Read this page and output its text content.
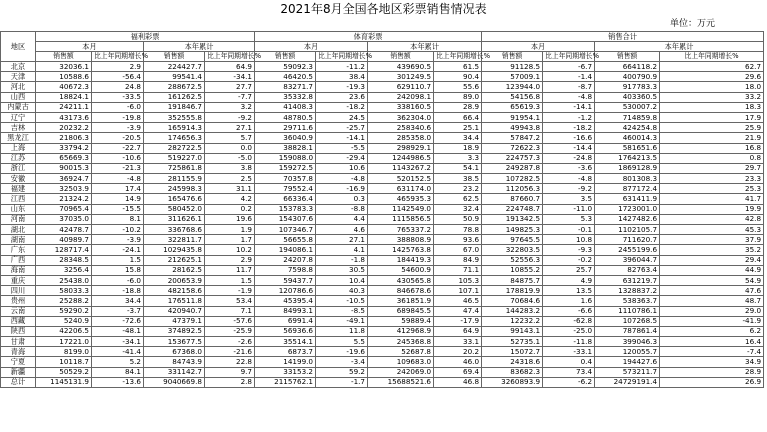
2021年8月全国各地区彩票销售情况表
单位：万元
地区	福利彩票				体育彩票				销售合计			
	本月		本年累计		本月		本年累计		本月		本年累计	
	销售额	比上年同期增长%	销售额	比上年同期增长%	销售额	比上年同期增长%	销售额	比上年同期增长%	销售额	比上年同期增长%	销售额	比上年同期增长%
北京	32036.1	2.9	224427.7	64.9	59092.3	-11.2	439690.5	61.5	91128.5	-6.7	664118.2	62.7
天津	10588.6	-56.4	99541.4	-34.1	46420.5	38.4	301249.5	90.4	57009.1	-1.4	400790.9	29.6
河北	40672.3	24.8	288672.5	27.7	83271.7	-19.3	629110.7	55.6	123944.0	-8.7	917783.3	18.0
山西	18824.1	-33.5	161262.5	-7.7	35332.8	23.6	242098.1	89.0	54156.8	-4.8	403360.5	33.2
内蒙古	24211.1	-6.0	191846.7	3.2	41408.3	-18.2	338160.5	28.9	65619.3	-14.1	530007.2	18.3
辽宁	43173.6	-19.8	352555.8	-9.2	48780.5	24.5	362304.0	66.4	91954.1	-1.2	714859.8	17.9
吉林	20232.2	-3.9	165914.3	27.1	29711.6	-25.7	258340.6	25.1	49943.8	-18.2	424254.8	25.9
黑龙江	21806.3	-20.5	174656.3	5.7	36040.9	-14.1	285358.0	34.4	57847.2	-16.6	460014.3	21.9
上海	33794.2	-22.7	282722.5	0.0	38828.1	-5.5	298929.1	18.9	72622.3	-14.4	581651.6	16.8
江苏	65669.3	-10.6	519227.0	-5.0	159088.0	-29.4	1244986.5	3.3	224757.3	-24.8	1764213.5	0.8
浙江	90015.3	-21.3	725861.8	3.8	159272.5	10.6	1143267.2	54.1	249287.8	-3.6	1869128.9	29.7
安徽	36924.7	-4.8	281155.9	2.5	70357.8	-4.8	520152.5	38.5	107282.5	-4.8	801308.3	23.3
福建	32503.9	17.4	245998.3	31.1	79552.4	-16.9	631174.0	23.2	112056.3	-9.2	877172.4	25.3
江西	21324.2	14.9	165476.6	4.2	66336.4	0.3	465935.3	62.5	87660.7	3.5	631411.9	41.7
山东	70965.4	-15.5	580452.0	0.2	153783.3	-8.8	1142549.0	32.4	224748.7	-11.0	1723001.0	19.9
河南	37035.0	8.1	311626.1	19.6	154307.6	4.4	1115856.5	50.9	191342.5	5.3	1427482.6	42.8
湖北	42478.7	-10.2	336768.6	1.9	107346.7	4.6	765337.2	78.8	149825.3	-0.1	1102105.7	45.3
湖南	40989.7	-3.9	322811.7	1.7	56655.8	27.1	388808.9	93.6	97645.5	10.8	711620.7	37.9
广东	128717.4	-24.1	1029435.8	10.2	194086.1	4.1	1425763.8	67.0	322803.5	-9.3	2455199.6	35.2
广西	28348.5	1.5	212625.1	2.9	24207.8	-1.8	184419.3	84.9	52556.3	-0.2	396044.7	29.4
海南	3256.4	15.8	28162.5	11.7	7598.8	30.5	54600.9	71.1	10855.2	25.7	82763.4	44.9
重庆	25438.0	-6.0	200653.9	1.5	59437.7	10.4	430565.8	105.3	84875.7	4.9	631219.7	54.9
四川	58033.3	-18.8	482158.6	-1.9	120786.6	40.3	846678.6	107.1	178819.9	13.5	1328837.2	47.6
贵州	25288.2	34.4	176511.8	53.4	45395.4	-10.5	361851.9	46.5	70684.6	1.6	538363.7	48.7
云南	59290.2	-3.7	420940.7	7.1	84993.1	-8.5	689845.5	47.4	144283.2	-6.6	1110786.1	29.0
西藏	5240.9	-72.6	47379.1	-57.6	6991.4	-49.1	59889.4	-17.9	12232.2	-62.8	107268.5	-41.9
陕西	42206.5	-48.1	374892.5	-25.9	56936.6	11.8	412968.9	64.9	99143.1	-25.0	787861.4	6.2
甘肃	17221.0	-34.1	153677.5	-2.6	35514.1	5.5	245368.8	33.1	52735.1	-11.8	399046.3	16.4
青海	8199.0	-41.4	67368.0	-21.6	6873.7	-19.6	52687.8	20.2	15072.7	-33.1	120055.7	-7.4
宁夏	10118.7	5.2	84743.9	22.8	14199.0	-3.4	109683.0	46.0	24318.6	0.4	194427.6	34.9
新疆	50529.2	84.1	331142.7	9.7	33153.2	59.2	242069.0	69.4	83682.3	73.4	573211.7	28.9
总计	1145131.9	-13.6	9040669.8	2.8	2115762.1	-1.7	15688521.6	46.8	3260893.9	-6.2	24729191.4	26.9
